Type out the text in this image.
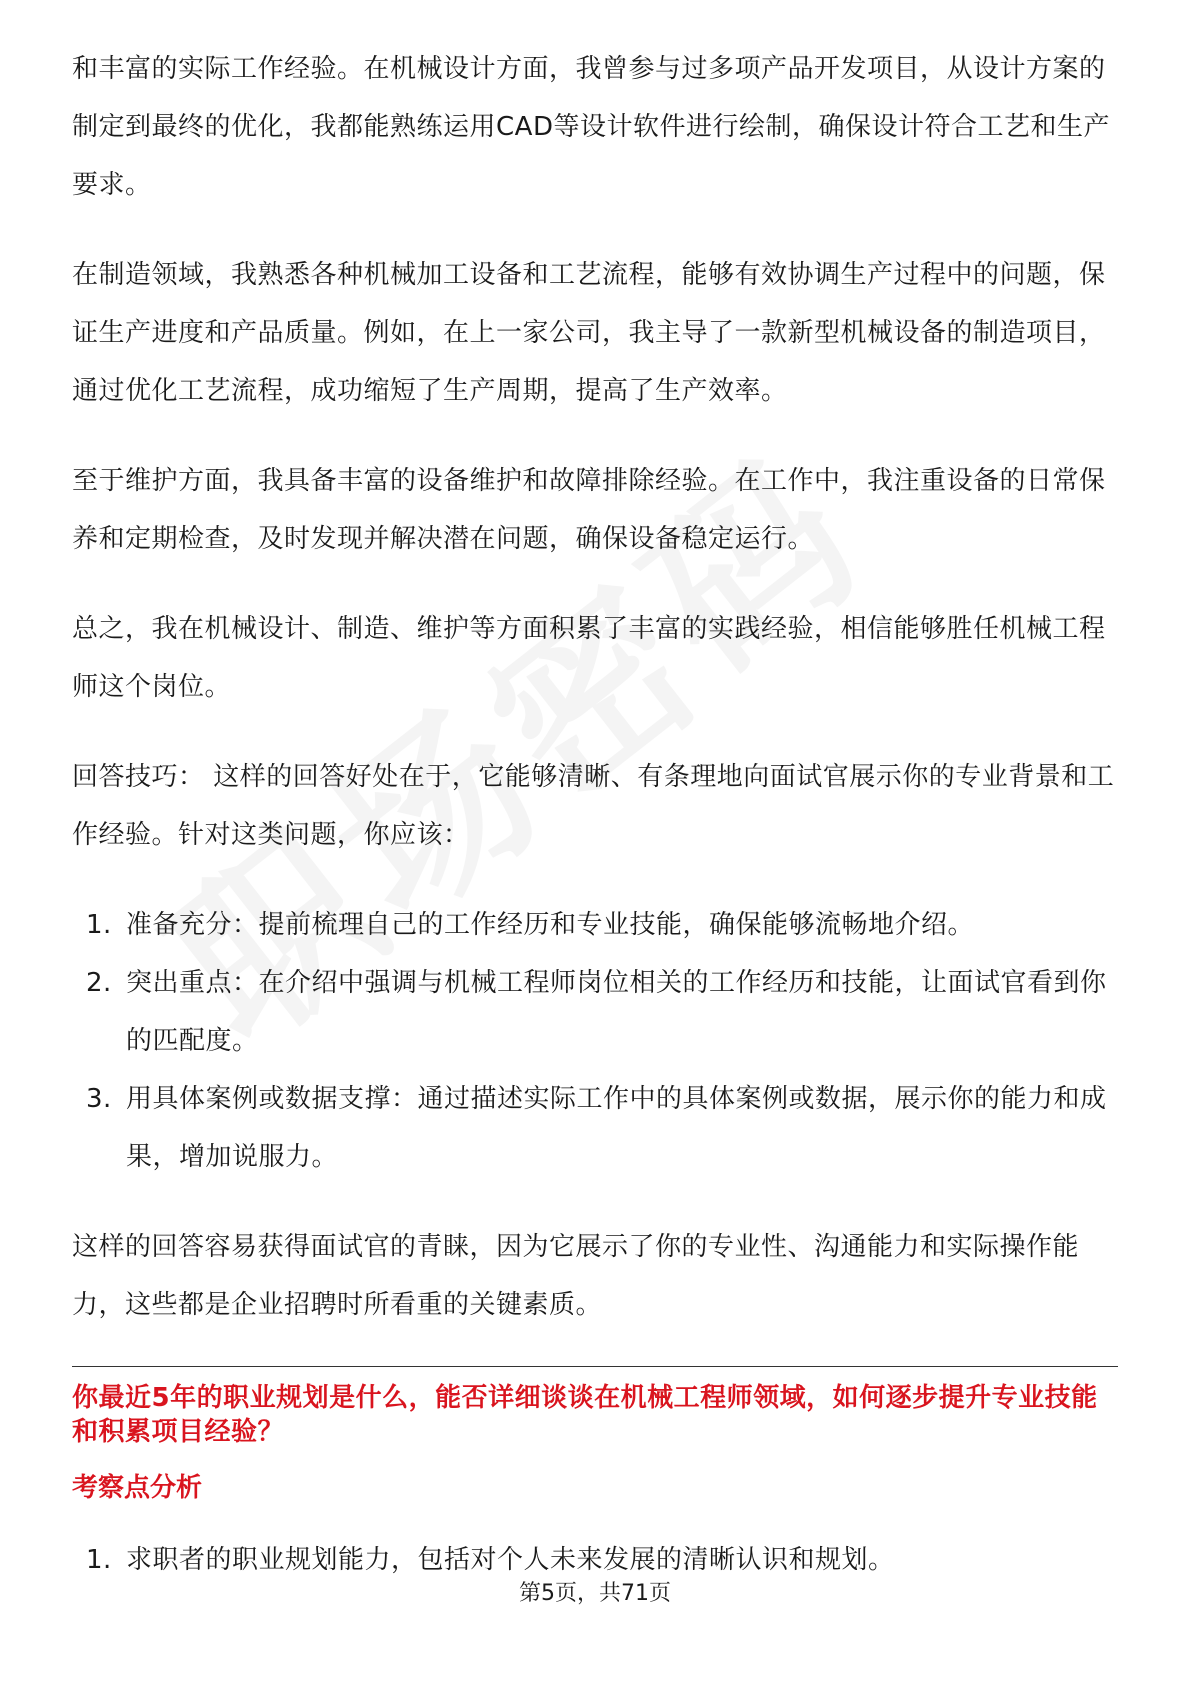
和丰富的实际工作经验。在机械设计方面，我曾参与过多项产品开发项目，从设计方案的制定到最终的优化，我都能熟练运用CAD等设计软件进行绘制，确保设计符合工艺和生产要求。

在制造领域，我熟悉各种机械加工设备和工艺流程，能够有效协调生产过程中的问题，保证生产进度和产品质量。例如，在上一家公司，我主导了一款新型机械设备的制造项目，通过优化工艺流程，成功缩短了生产周期，提高了生产效率。

至于维护方面，我具备丰富的设备维护和故障排除经验。在工作中，我注重设备的日常保养和定期检查，及时发现并解决潜在问题，确保设备稳定运行。

总之，我在机械设计、制造、维护等方面积累了丰富的实践经验，相信能够胜任机械工程师这个岗位。

回答技巧： 这样的回答好处在于，它能够清晰、有条理地向面试官展示你的专业背景和工作经验。针对这类问题，你应该：

1. 准备充分：提前梳理自己的工作经历和专业技能，确保能够流畅地介绍。
2. 突出重点：在介绍中强调与机械工程师岗位相关的工作经历和技能，让面试官看到你的匹配度。
3. 用具体案例或数据支撑：通过描述实际工作中的具体案例或数据，展示你的能力和成果，增加说服力。

这样的回答容易获得面试官的青睐，因为它展示了你的专业性、沟通能力和实际操作能力，这些都是企业招聘时所看重的关键素质。

你最近5年的职业规划是什么，能否详细谈谈在机械工程师领域，如何逐步提升专业技能和积累项目经验？

考察点分析

1. 求职者的职业规划能力，包括对个人未来发展的清晰认识和规划。
第5页，共71页
